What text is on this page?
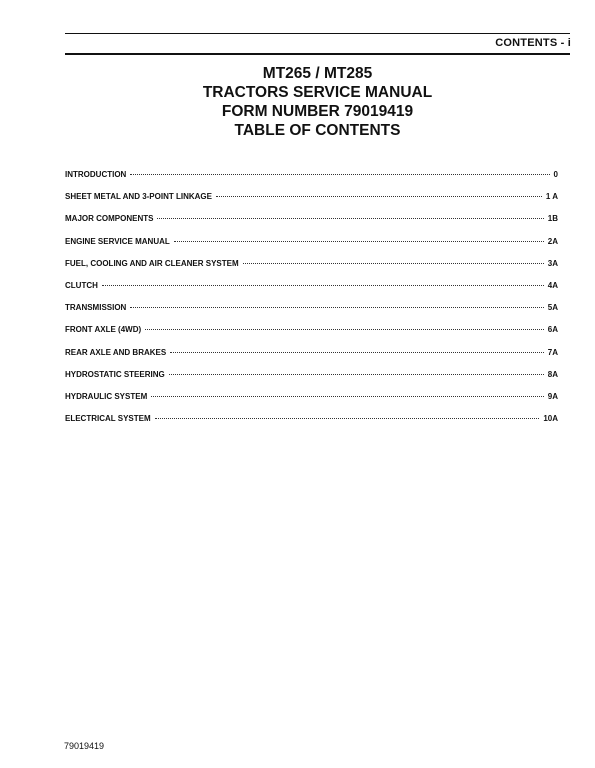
CONTENTS - i
MT265 / MT285
TRACTORS SERVICE MANUAL
FORM NUMBER 79019419
TABLE OF CONTENTS
INTRODUCTION	0
SHEET METAL AND 3-POINT LINKAGE	1 A
MAJOR COMPONENTS	1B
ENGINE SERVICE MANUAL	2A
FUEL, COOLING AND AIR CLEANER SYSTEM	3A
CLUTCH	4A
TRANSMISSION	5A
FRONT AXLE (4WD)	6A
REAR AXLE AND BRAKES	7A
HYDROSTATIC STEERING	8A
HYDRAULIC SYSTEM	9A
ELECTRICAL SYSTEM	10A
79019419
